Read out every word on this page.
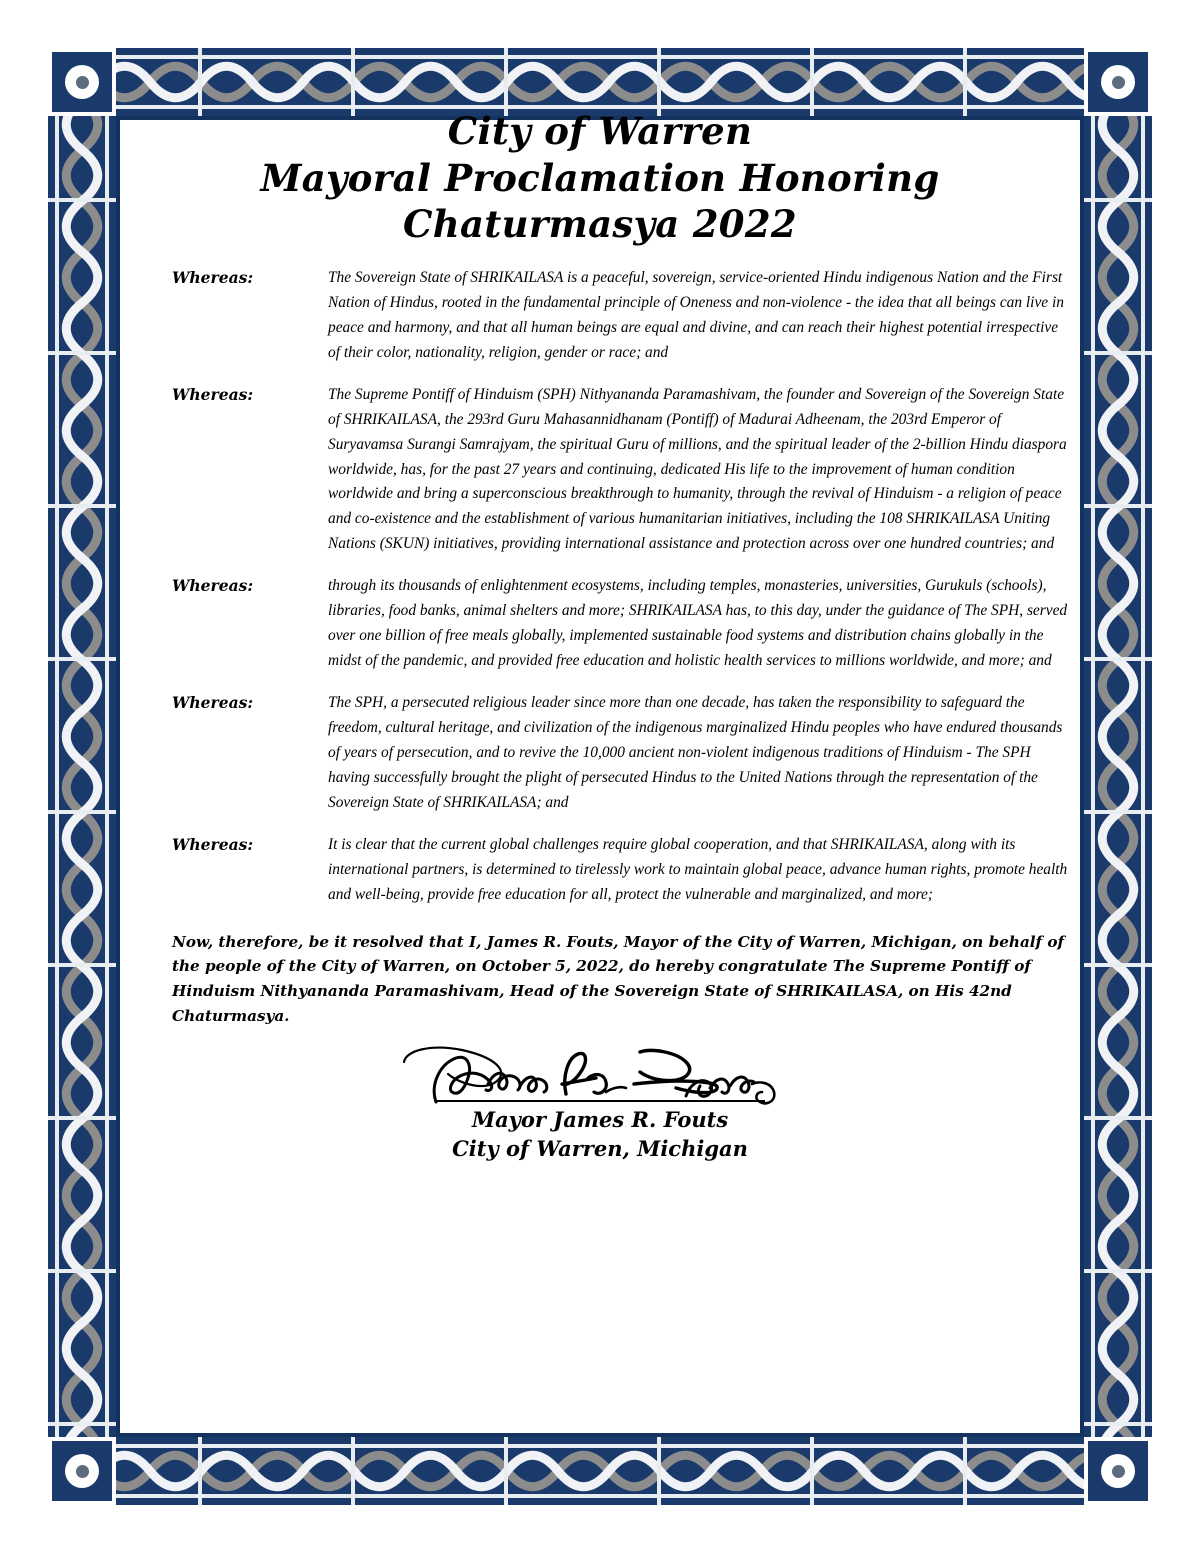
City of Warren
Mayoral Proclamation Honoring
Chaturmasya 2022
Whereas:	The Sovereign State of SHRIKAILASA is a peaceful, sovereign, service-oriented Hindu indigenous Nation and the First Nation of Hindus, rooted in the fundamental principle of Oneness and non-violence - the idea that all beings can live in peace and harmony, and that all human beings are equal and divine, and can reach their highest potential irrespective of their color, nationality, religion, gender or race; and
Whereas:	The Supreme Pontiff of Hinduism (SPH) Nithyananda Paramashivam, the founder and Sovereign of the Sovereign State of SHRIKAILASA, the 293rd Guru Mahasannidhanam (Pontiff) of Madurai Adheenam, the 203rd Emperor of Suryavamsa Surangi Samrajyam, the spiritual Guru of millions, and the spiritual leader of the 2-billion Hindu diaspora worldwide, has, for the past 27 years and continuing, dedicated His life to the improvement of human condition worldwide and bring a superconscious breakthrough to humanity, through the revival of Hinduism - a religion of peace and co-existence and the establishment of various humanitarian initiatives, including the 108 SHRIKAILASA Uniting Nations (SKUN) initiatives, providing international assistance and protection across over one hundred countries; and
Whereas:	through its thousands of enlightenment ecosystems, including temples, monasteries, universities, Gurukuls (schools), libraries, food banks, animal shelters and more; SHRIKAILASA has, to this day, under the guidance of The SPH, served over one billion of free meals globally, implemented sustainable food systems and distribution chains globally in the midst of the pandemic, and provided free education and holistic health services to millions worldwide, and more; and
Whereas:	The SPH, a persecuted religious leader since more than one decade, has taken the responsibility to safeguard the freedom, cultural heritage, and civilization of the indigenous marginalized Hindu peoples who have endured thousands of years of persecution, and to revive the 10,000 ancient non-violent indigenous traditions of Hinduism - The SPH having successfully brought the plight of persecuted Hindus to the United Nations through the representation of the Sovereign State of SHRIKAILASA; and
Whereas:	It is clear that the current global challenges require global cooperation, and that SHRIKAILASA, along with its international partners, is determined to tirelessly work to maintain global peace, advance human rights, promote health and well-being, provide free education for all, protect the vulnerable and marginalized, and more;
Now, therefore, be it resolved that I, James R. Fouts, Mayor of the City of Warren, Michigan, on behalf of the people of the City of Warren, on October 5, 2022, do hereby congratulate The Supreme Pontiff of Hinduism Nithyananda Paramashivam, Head of the Sovereign State of SHRIKAILASA, on His 42nd Chaturmasya.
Mayor James R. Fouts
City of Warren, Michigan
